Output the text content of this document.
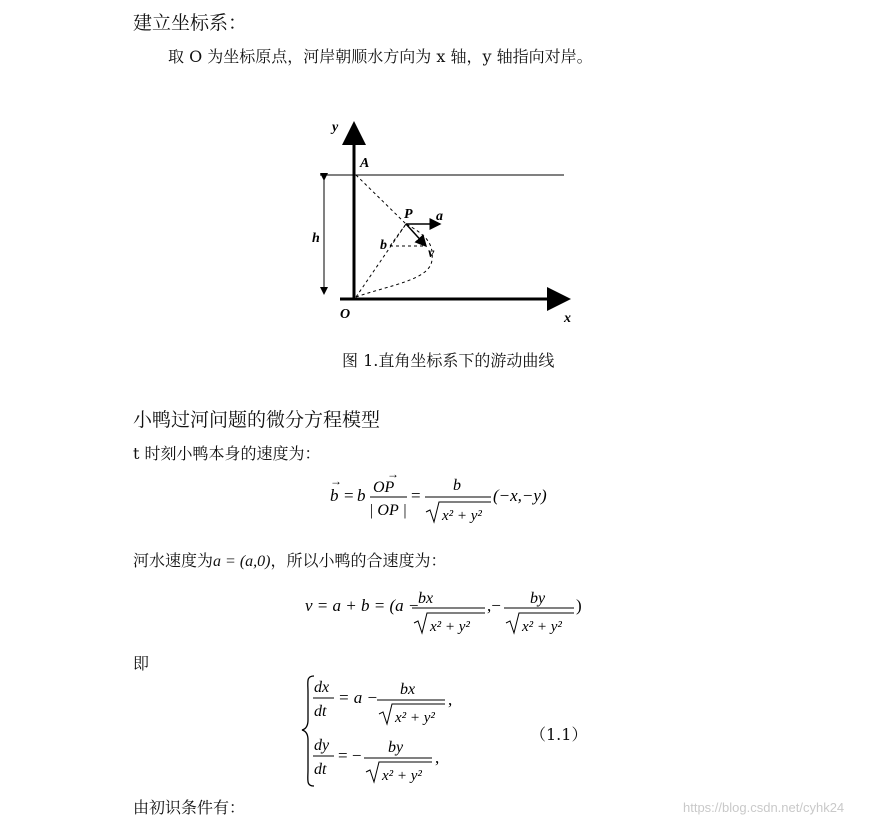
建立坐标系：
取 O 为坐标原点，河岸朝顺水方向为 x 轴，y 轴指向对岸。
y
x
A
O
h
P a
b
v
图 1.直角坐标系下的游动曲线
小鸭过河问题的微分方程模型
t 时刻小鸭本身的速度为：
b
→
= b OP
→
| OP |
=
b
x² + y²
(−x,−y)
河水速度为a = (a,0)，所以小鸭的合速度为：
v = a + b = (a −
bx
x² + y²
,− by
x² + y²
)
即
dx
dt
= a − bx
x² + y²
,
dy
dt
= − by
x² + y²
,
（1.1）
由初识条件有：	https://blog.csdn.net/cyhk24
